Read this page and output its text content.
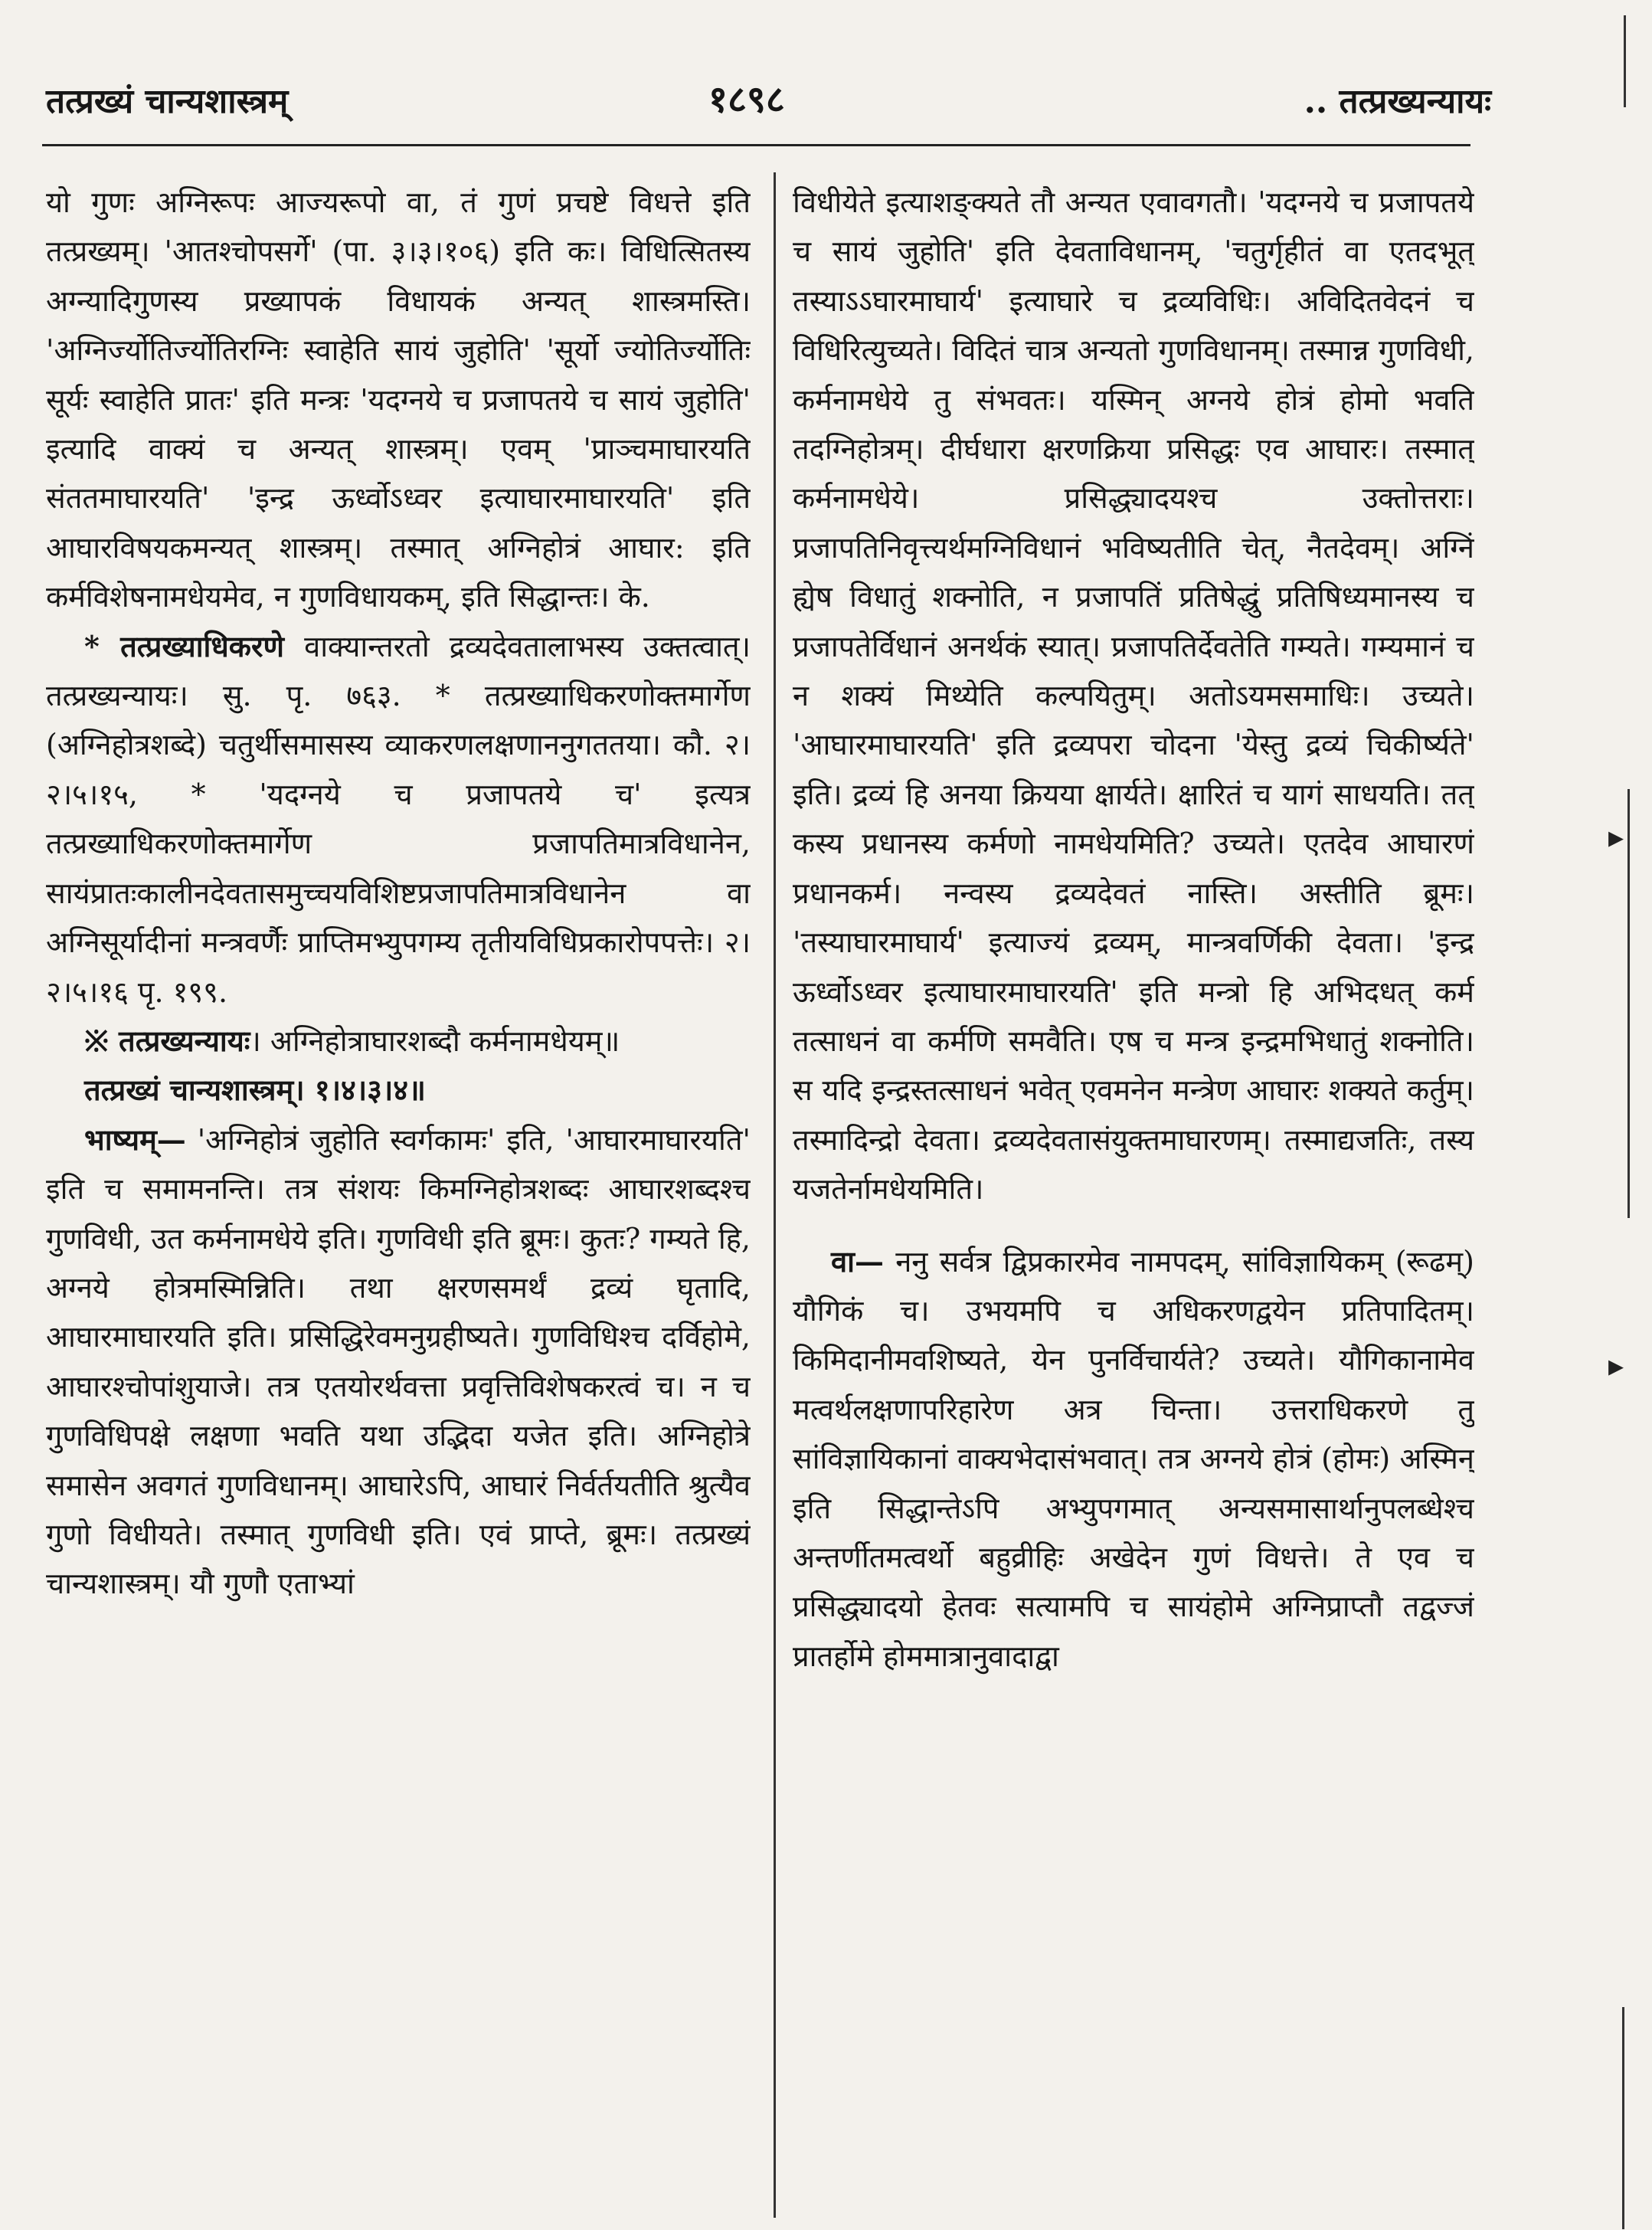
तत्प्रख्यं चान्यशास्त्रम्	१८९८	.. तत्प्रख्यन्यायः

यो गुणः अग्निरूपः आज्यरूपो वा, तं गुणं प्रचष्टे विधत्ते इति तत्प्रख्यम्। 'आतश्चोपसर्गे' (पा. ३।३।१०६) इति कः। विधित्सितस्य अग्न्यादिगुणस्य प्रख्यापकं विधायकं अन्यत् शास्त्रमस्ति। 'अग्निर्ज्योतिर्ज्योतिरग्निः स्वाहेति सायं जुहोति' 'सूर्यो ज्योतिर्ज्योतिः सूर्यः स्वाहेति प्रातः' इति मन्त्रः 'यदग्नये च प्रजापतये च सायं जुहोति' इत्यादि वाक्यं च अन्यत् शास्त्रम्। एवम् 'प्राञ्चमाघारयति संततमाघारयति' 'इन्द्र ऊर्ध्वोऽध्वर इत्याघारमाघारयति' इति आघारविषयकमन्यत् शास्त्रम्। तस्मात् अग्निहोत्रं आघार: इति कर्मविशेषनामधेयमेव, न गुणविधायकम्, इति सिद्धान्तः। के.

* तत्प्रख्याधिकरणे वाक्यान्तरतो द्रव्यदेवतालाभस्य उक्तत्वात्। तत्प्रख्यन्यायः। सु. पृ. ७६३. * तत्प्रख्याधिकरणोक्तमार्गेण (अग्निहोत्रशब्दे) चतुर्थीसमासस्य व्याकरणलक्षणाननुगततया। कौ. २।२।५।१५, * 'यदग्नये च प्रजापतये च' इत्यत्र तत्प्रख्याधिकरणोक्तमार्गेण प्रजापतिमात्रविधानेन, सायंप्रातःकालीनदेवतासमुच्चयविशिष्टप्रजापतिमात्रविधानेन वा अग्निसूर्यादीनां मन्त्रवर्णैः प्राप्तिमभ्युपगम्य तृतीयविधिप्रकारोपपत्तेः। २।२।५।१६ पृ. १९९.

※ तत्प्रख्यन्यायः। अग्निहोत्राघारशब्दौ कर्मनामधेयम्॥

तत्प्रख्यं चान्यशास्त्रम्। १।४।३।४॥

भाष्यम्— 'अग्निहोत्रं जुहोति स्वर्गकामः' इति, 'आघारमाघारयति' इति च समामनन्ति। तत्र संशयः किमग्निहोत्रशब्दः आघारशब्दश्च गुणविधी, उत कर्मनामधेये इति। गुणविधी इति ब्रूमः। कुतः? गम्यते हि, अग्नये होत्रमस्मिन्निति। तथा क्षरणसमर्थं द्रव्यं घृतादि, आघारमाघारयति इति। प्रसिद्धिरेवमनुग्रहीष्यते। गुणविधिश्च दर्विहोमे, आघारश्चोपांशुयाजे। तत्र एतयोरर्थवत्ता प्रवृत्तिविशेषकरत्वं च। न च गुणविधिपक्षे लक्षणा भवति यथा उद्भिदा यजेत इति। अग्निहोत्रे समासेन अवगतं गुणविधानम्। आघारेऽपि, आघारं निर्वर्तयतीति श्रुत्यैव गुणो विधीयते। तस्मात् गुणविधी इति। एवं प्राप्ते, ब्रूमः। तत्प्रख्यं चान्यशास्त्रम्। यौ गुणौ एताभ्यां

विधीयेते इत्याशङ्क्यते तौ अन्यत एवावगतौ। 'यदग्नये च प्रजापतये च सायं जुहोति' इति देवताविधानम्, 'चतुर्गृहीतं वा एतदभूत् तस्याऽऽघारमाघार्य' इत्याघारे च द्रव्यविधिः। अविदितवेदनं च विधिरित्युच्यते। विदितं चात्र अन्यतो गुणविधानम्। तस्मान्न गुणविधी, कर्मनामधेये तु संभवतः। यस्मिन् अग्नये होत्रं होमो भवति तदग्निहोत्रम्। दीर्घधारा क्षरणक्रिया प्रसिद्धः एव आघारः। तस्मात् कर्मनामधेये। प्रसिद्ध्यादयश्च उक्तोत्तराः। प्रजापतिनिवृत्त्यर्थमग्निविधानं भविष्यतीति चेत्, नैतदेवम्। अग्निं ह्येष विधातुं शक्नोति, न प्रजापतिं प्रतिषेद्धुं प्रतिषिध्यमानस्य च प्रजापतेर्विधानं अनर्थकं स्यात्। प्रजापतिर्देवतेति गम्यते। गम्यमानं च न शक्यं मिथ्येति कल्पयितुम्। अतोऽयमसमाधिः। उच्यते। 'आघारमाघारयति' इति द्रव्यपरा चोदना 'येस्तु द्रव्यं चिकीर्ष्यते' इति। द्रव्यं हि अनया क्रियया क्षार्यते। क्षारितं च यागं साधयति। तत् कस्य प्रधानस्य कर्मणो नामधेयमिति? उच्यते। एतदेव आघारणं प्रधानकर्म। नन्वस्य द्रव्यदेवतं नास्ति। अस्तीति ब्रूमः। 'तस्याघारमाघार्य' इत्याज्यं द्रव्यम्, मान्त्रवर्णिकी देवता। 'इन्द्र ऊर्ध्वोऽध्वर इत्याघारमाघारयति' इति मन्त्रो हि अभिदधत् कर्म तत्साधनं वा कर्मणि समवैति। एष च मन्त्र इन्द्रमभिधातुं शक्नोति। स यदि इन्द्रस्तत्साधनं भवेत् एवमनेन मन्त्रेण आघारः शक्यते कर्तुम्। तस्मादिन्द्रो देवता। द्रव्यदेवतासंयुक्तमाघारणम्। तस्माद्यजतिः, तस्य यजतेर्नामधेयमिति।

वा— ननु सर्वत्र द्विप्रकारमेव नामपदम्, सांविज्ञायिकम् (रूढम्) यौगिकं च। उभयमपि च अधिकरणद्वयेन प्रतिपादितम्। किमिदानीमवशिष्यते, येन पुनर्विचार्यते? उच्यते। यौगिकानामेव मत्वर्थलक्षणापरिहारेण अत्र चिन्ता। उत्तराधिकरणे तु सांविज्ञायिकानां वाक्यभेदासंभवात्। तत्र अग्नये होत्रं (होमः) अस्मिन् इति सिद्धान्तेऽपि अभ्युपगमात् अन्यसमासार्थानुपलब्धेश्च अन्तर्णीतमत्वर्थो बहुव्रीहिः अखेदेन गुणं विधत्ते। ते एव च प्रसिद्ध्यादयो हेतवः सत्यामपि च सायंहोमे अग्निप्राप्तौ तद्वज्जं प्रातर्होमे होममात्रानुवादाद्वा

▸
▸
